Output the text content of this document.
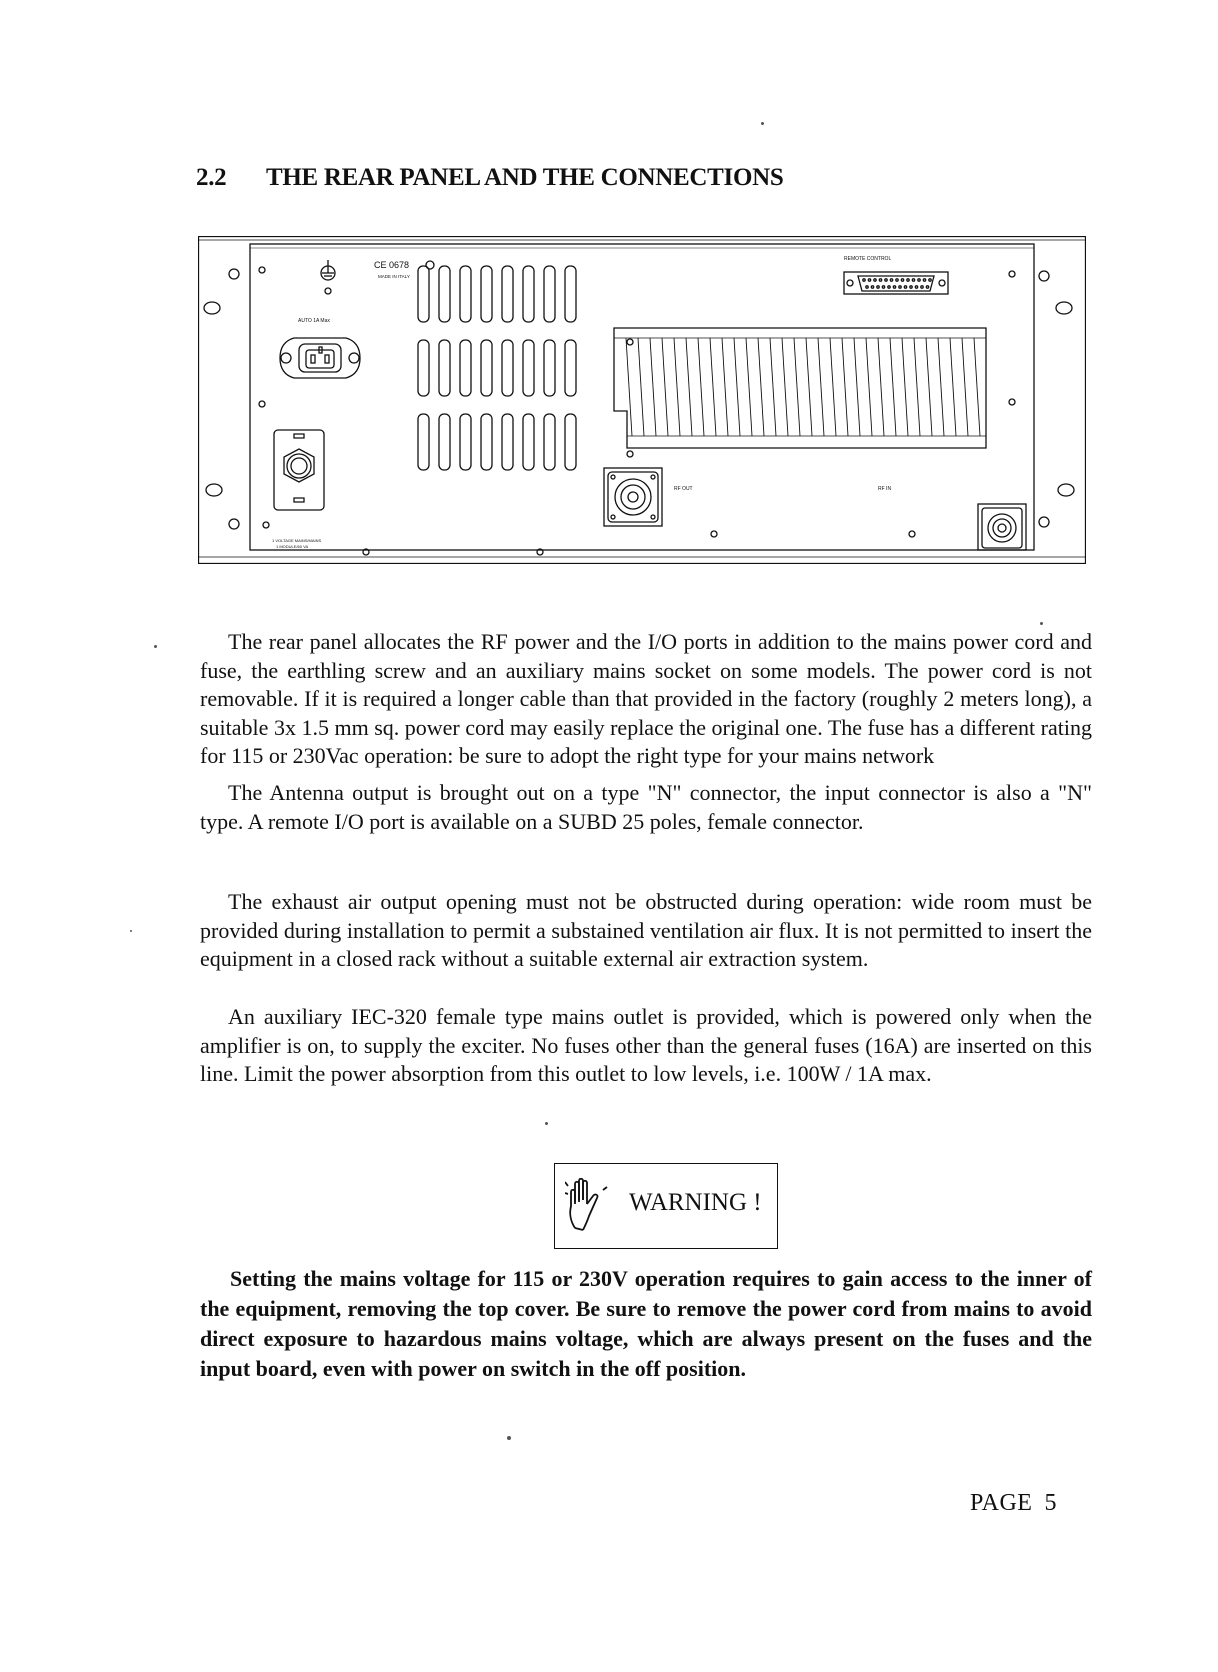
2.2 THE REAR PANEL AND THE CONNECTIONS
CE 0678
MADE IN ITALY
AUTO 1A Max
1 VOLTAGE MAINS/MAINS
1 MODULE/60 VA
REMOTE CONTROL
RF OUT	RF IN

The rear panel allocates the RF power and the I/O ports in addition to the mains power cord and fuse, the earthling screw and an auxiliary mains socket on some models. The power cord is not removable. If it is required a longer cable than that provided in the factory (roughly 2 meters long), a suitable 3x 1.5 mm sq. power cord may easily replace the original one. The fuse has a different rating for 115 or 230Vac operation: be sure to adopt the right type for your mains network

The Antenna output is brought out on a type "N" connector, the input connector is also a "N" type. A remote I/O port is available on a SUBD 25 poles, female connector.

The exhaust air output opening must not be obstructed during operation: wide room must be provided during installation to permit a substained ventilation air flux. It is not permitted to insert the equipment in a closed rack without a suitable external air extraction system.

An auxiliary IEC-320 female type mains outlet is provided, which is powered only when the amplifier is on, to supply the exciter. No fuses other than the general fuses (16A) are inserted on this line. Limit the power absorption from this outlet to low levels, i.e. 100W / 1A max.

WARNING !

Setting the mains voltage for 115 or 230V operation requires to gain access to the inner of the equipment, removing the top cover. Be sure to remove the power cord from mains to avoid direct exposure to hazardous mains voltage, which are always present on the fuses and the input board, even with power on switch in the off position.

PAGE 5
